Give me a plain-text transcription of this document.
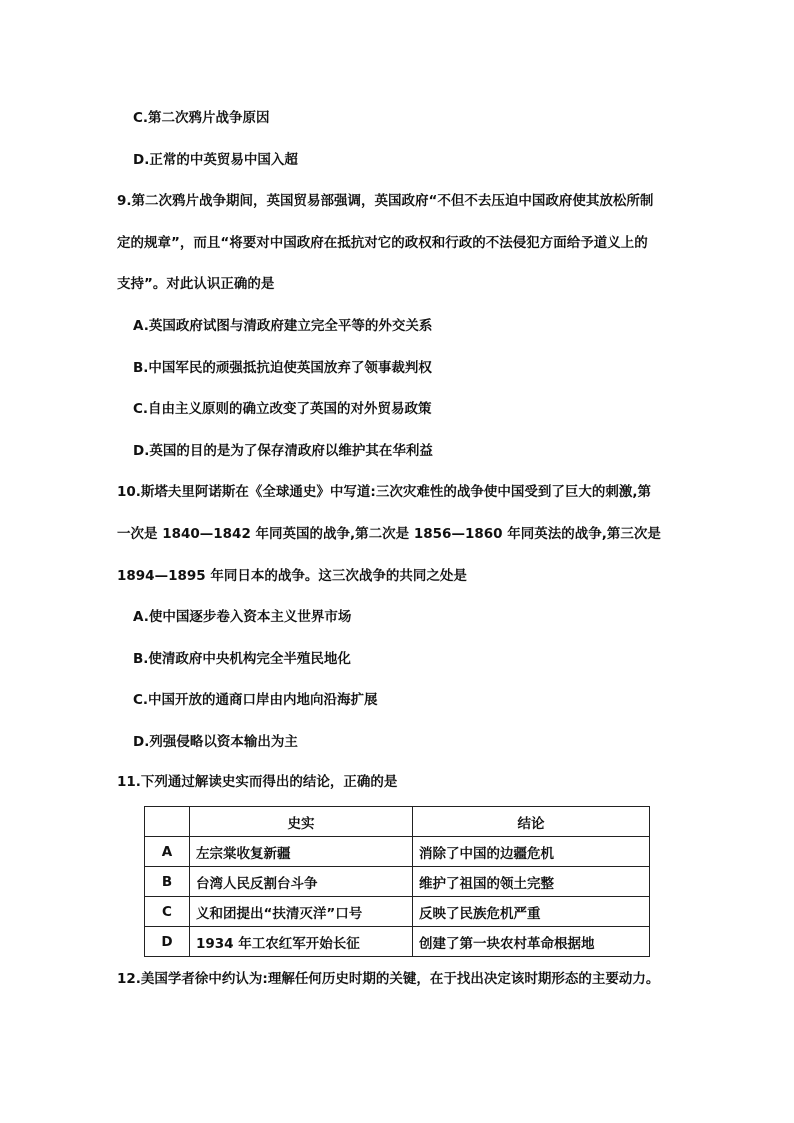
C.第二次鸦片战争原因
D.正常的中英贸易中国入超
9.第二次鸦片战争期间，英国贸易部强调，英国政府“不但不去压迫中国政府使其放松所制
定的规章”，而且“将要对中国政府在抵抗对它的政权和行政的不法侵犯方面给予道义上的
支持”。对此认识正确的是
A.英国政府试图与清政府建立完全平等的外交关系
B.中国军民的顽强抵抗迫使英国放弃了领事裁判权
C.自由主义原则的确立改变了英国的对外贸易政策
D.英国的目的是为了保存清政府以维护其在华利益
10.斯塔夫里阿诺斯在《全球通史》中写道:三次灾难性的战争使中国受到了巨大的刺激,第
一次是 1840—1842 年同英国的战争,第二次是 1856—1860 年同英法的战争,第三次是
1894—1895 年同日本的战争。这三次战争的共同之处是
A.使中国逐步卷入资本主义世界市场
B.使清政府中央机构完全半殖民地化
C.中国开放的通商口岸由内地向沿海扩展
D.列强侵略以资本输出为主
11.下列通过解读史实而得出的结论，正确的是
	史实	结论
A	左宗棠收复新疆	消除了中国的边疆危机
B	台湾人民反割台斗争	维护了祖国的领土完整
C	义和团提出“扶清灭洋”口号	反映了民族危机严重
D	1934 年工农红军开始长征	创建了第一块农村革命根据地
12.美国学者徐中约认为:理解任何历史时期的关键，在于找出决定该时期形态的主要动力。
